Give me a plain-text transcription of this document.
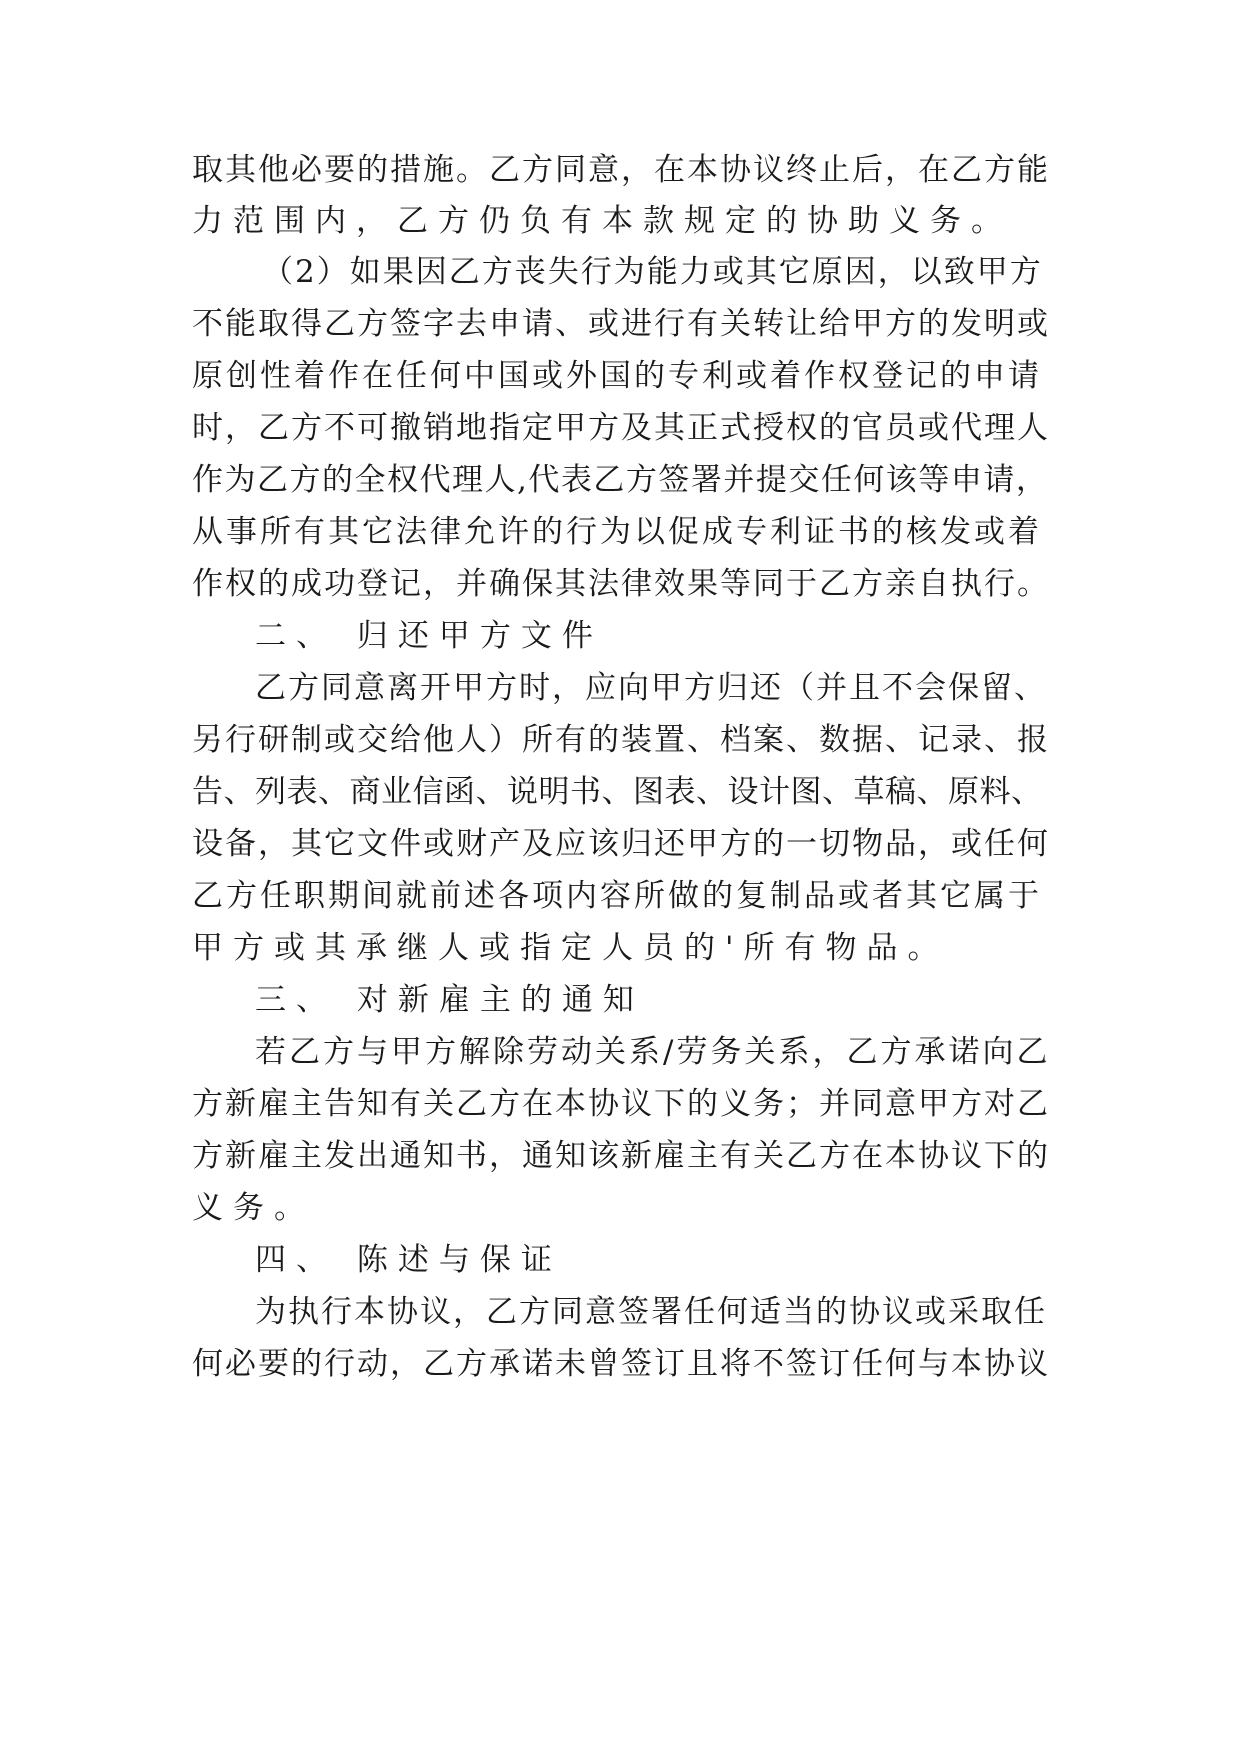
取其他必要的措施。乙方同意，在本协议终止后，在乙方能

力范围内，乙方仍负有本款规定的协助义务。

（2）如果因乙方丧失行为能力或其它原因，以致甲方

不能取得乙方签字去申请、或进行有关转让给甲方的发明或

原创性着作在任何中国或外国的专利或着作权登记的申请

时，乙方不可撤销地指定甲方及其正式授权的官员或代理人

作为乙方的全权代理人,代表乙方签署并提交任何该等申请，

从事所有其它法律允许的行为以促成专利证书的核发或着

作权的成功登记，并确保其法律效果等同于乙方亲自执行。

二、 归还甲方文件

乙方同意离开甲方时，应向甲方归还（并且不会保留、

另行研制或交给他人）所有的装置、档案、数据、记录、报

告、列表、商业信函、说明书、图表、设计图、草稿、原料、

设备，其它文件或财产及应该归还甲方的一切物品，或任何

乙方任职期间就前述各项内容所做的复制品或者其它属于

甲方或其承继人或指定人员的'所有物品。

三、 对新雇主的通知

若乙方与甲方解除劳动关系/劳务关系，乙方承诺向乙

方新雇主告知有关乙方在本协议下的义务；并同意甲方对乙

方新雇主发出通知书，通知该新雇主有关乙方在本协议下的

义务。

四、 陈述与保证

为执行本协议，乙方同意签署任何适当的协议或采取任

何必要的行动，乙方承诺未曾签订且将不签订任何与本协议
